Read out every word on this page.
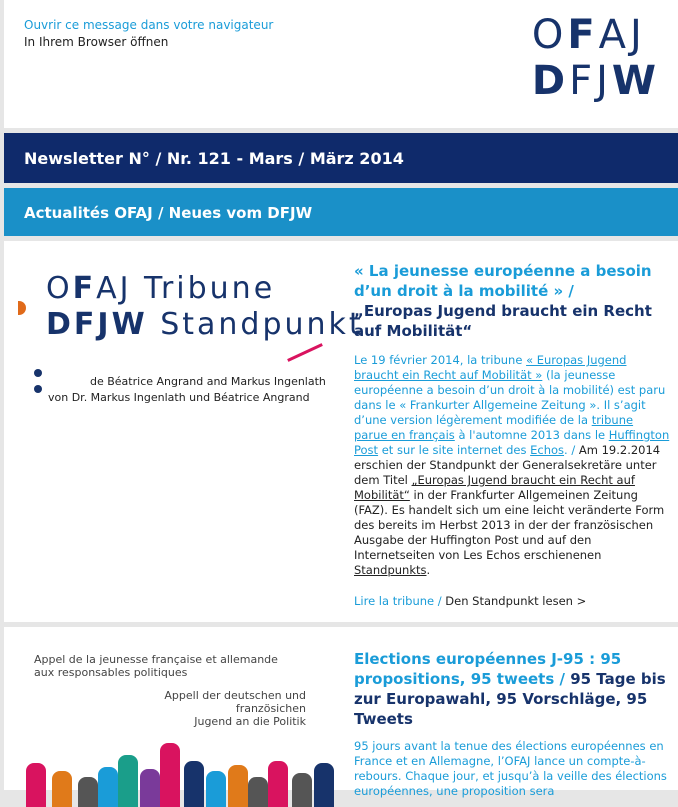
Ouvrir ce message dans votre navigateur
In Ihrem Browser öffnen	OFAJ
DFJW
Newsletter N° / Nr. 121 - Mars / März 2014
Actualités OFAJ / Neues vom DFJW
OFAJ Tribune
DFJW Standpunkt
de Béatrice Angrand and Markus Ingenlath
von Dr. Markus Ingenlath und Béatrice Angrand
« La jeunesse européenne a besoin d’un droit à la mobilité » /
„Europas Jugend braucht ein Recht auf Mobilität“
Le 19 février 2014, la tribune « Europas Jugend braucht ein Recht auf Mobilität » (la jeunesse européenne a besoin d’un droit à la mobilité) est paru dans le « Frankurter Allgemeine Zeitung ». Il s’agit d’une version légèrement modifiée de la tribune parue en français à l'automne 2013 dans le Huffington Post et sur le site internet des Echos. / Am 19.2.2014 erschien der Standpunkt der Generalsekretäre unter dem Titel „Europas Jugend braucht ein Recht auf Mobilität“ in der Frankfurter Allgemeinen Zeitung (FAZ). Es handelt sich um eine leicht veränderte Form des bereits im Herbst 2013 in der der französischen Ausgabe der Huffington Post und auf den Internetseiten von Les Echos erschienenen Standpunkts.
Lire la tribune / Den Standpunkt lesen >
Appel de la jeunesse française et allemande
aux responsables politiques
Appell der deutschen und französichen
Jugend an die Politik
Elections européennes J-95 : 95 propositions, 95 tweets / 95 Tage bis zur Europawahl, 95 Vorschläge, 95 Tweets
95 jours avant la tenue des élections européennes en France et en Allemagne, l’OFAJ lance un compte-à-rebours. Chaque jour, et jusqu’à la veille des élections européennes, une proposition sera
